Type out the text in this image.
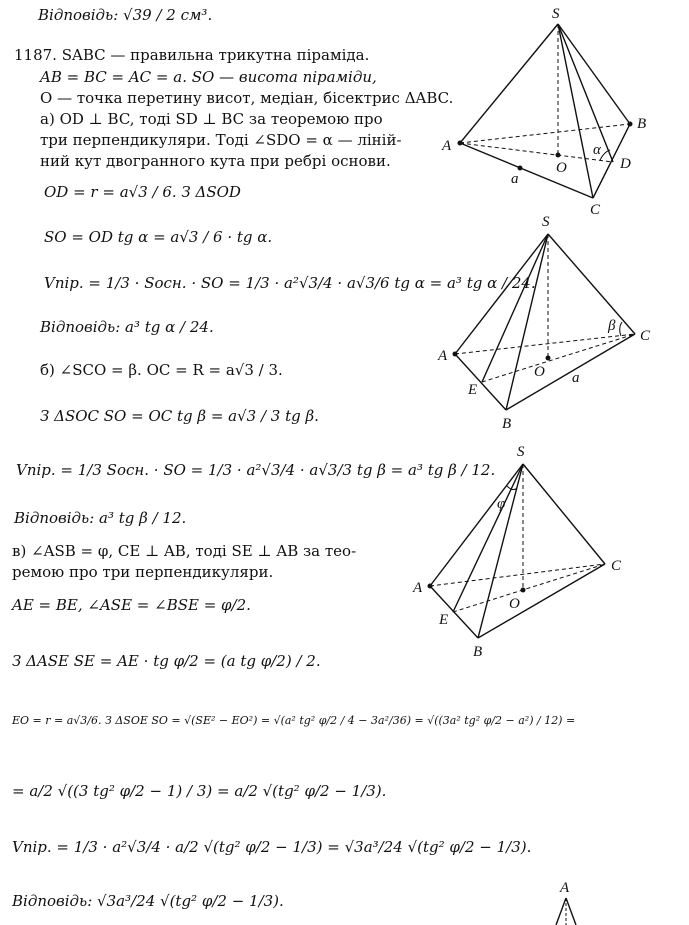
Відповідь: √39 / 2 см³.
1187. SABC — правильна трикутна піраміда.
AB = BC = AC = a. SO — висота піраміди,
O — точка перетину висот, медіан, бісектрис ΔABC.
а) OD ⊥ BC, тоді SD ⊥ BC за теоремою про
три перпендикуляри. Тоді ∠SDO = α — ліній-
ний кут двогранного кута при ребрі основи.
OD = r = a√3 / 6. З ΔSOD
SO = OD tg α = a√3 / 6 · tg α.
Vпір. = 1/3 · Sосн. · SO = 1/3 · a²√3/4 · a√3/6 tg α = a³ tg α / 24.
Відповідь: a³ tg α / 24.
б) ∠SCO = β. OC = R = a√3 / 3.
З ΔSOC SO = OC tg β = a√3 / 3 tg β.
Vпір. = 1/3 Sосн. · SO = 1/3 · a²√3/4 · a√3/3 tg β = a³ tg β / 12.
Відповідь: a³ tg β / 12.
в) ∠ASB = φ, CE ⊥ AB, тоді SE ⊥ AB за тео-
ремою про три перпендикуляри.
AE = BE, ∠ASE = ∠BSE = φ/2.
З ΔASE SE = AE · tg φ/2 = (a tg φ/2) / 2.
EO = r = a√3/6. З ΔSOE SO = √(SE² − EO²) = √(a² tg² φ/2 / 4 − 3a²/36) = √((3a² tg² φ/2 − a²) / 12) =
= a/2 √((3 tg² φ/2 − 1) / 3) = a/2 √(tg² φ/2 − 1/3).
Vпір. = 1/3 · a²√3/4 · a/2 √(tg² φ/2 − 1/3) = √3a³/24 √(tg² φ/2 − 1/3).
Відповідь: √3a³/24 √(tg² φ/2 − 1/3).
S
A
B
C
O	D
a
α
S
A
B
C
O
E
a
β
S
A
B
C
O
E
φ
A
